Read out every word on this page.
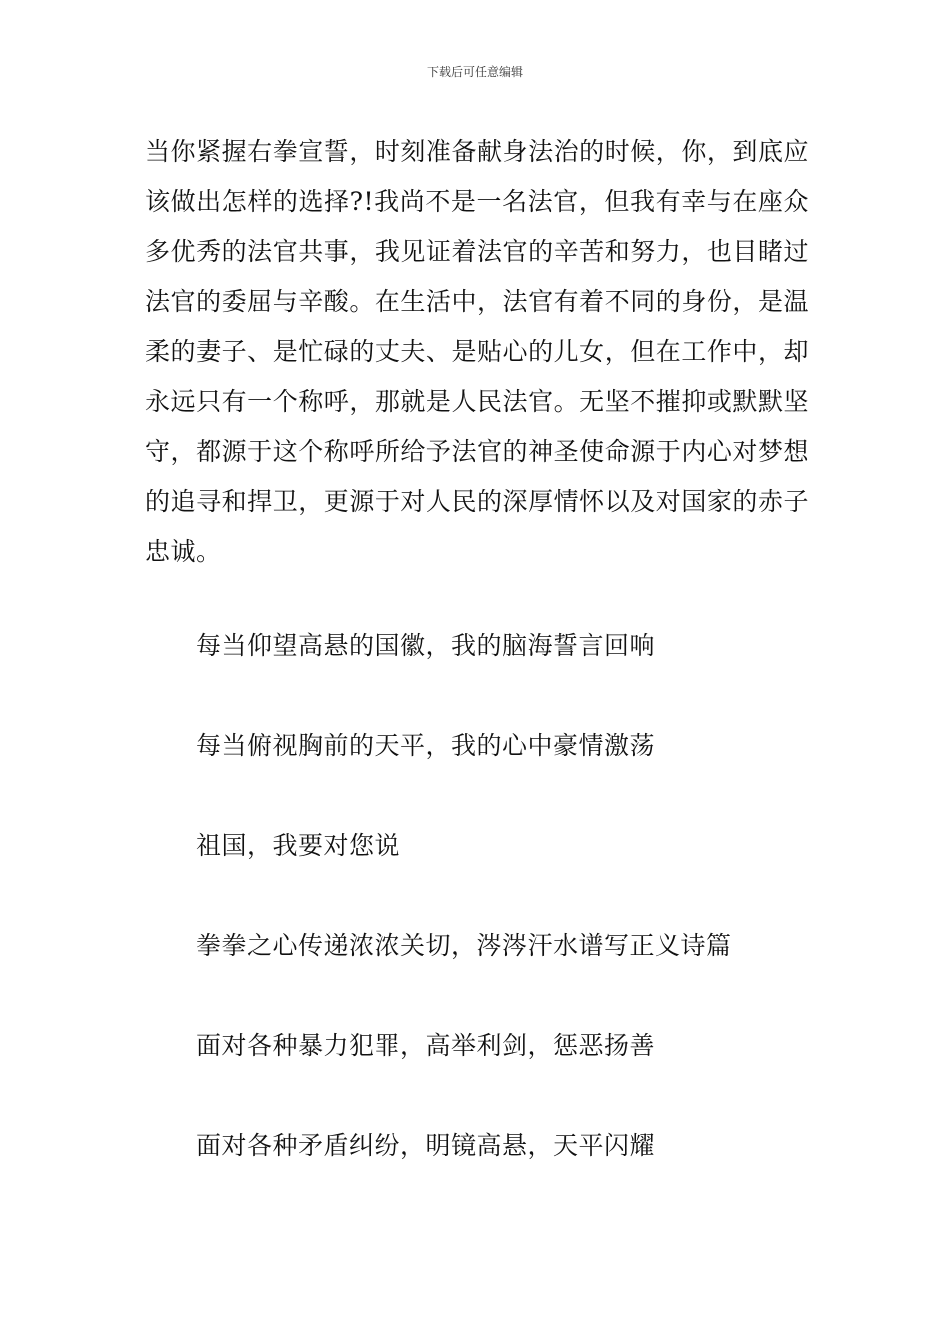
下载后可任意编辑

当你紧握右拳宣誓，时刻准备献身法治的时候，你，到底应该做出怎样的选择?!我尚不是一名法官，但我有幸与在座众多优秀的法官共事，我见证着法官的辛苦和努力，也目睹过法官的委屈与辛酸。在生活中，法官有着不同的身份，是温柔的妻子、是忙碌的丈夫、是贴心的儿女，但在工作中，却永远只有一个称呼，那就是人民法官。无坚不摧抑或默默坚守，都源于这个称呼所给予法官的神圣使命源于内心对梦想的追寻和捍卫，更源于对人民的深厚情怀以及对国家的赤子忠诚。

每当仰望高悬的国徽，我的脑海誓言回响
每当俯视胸前的天平，我的心中豪情激荡
祖国，我要对您说
拳拳之心传递浓浓关切，涔涔汗水谱写正义诗篇
面对各种暴力犯罪，高举利剑，惩恶扬善
面对各种矛盾纠纷，明镜高悬，天平闪耀
